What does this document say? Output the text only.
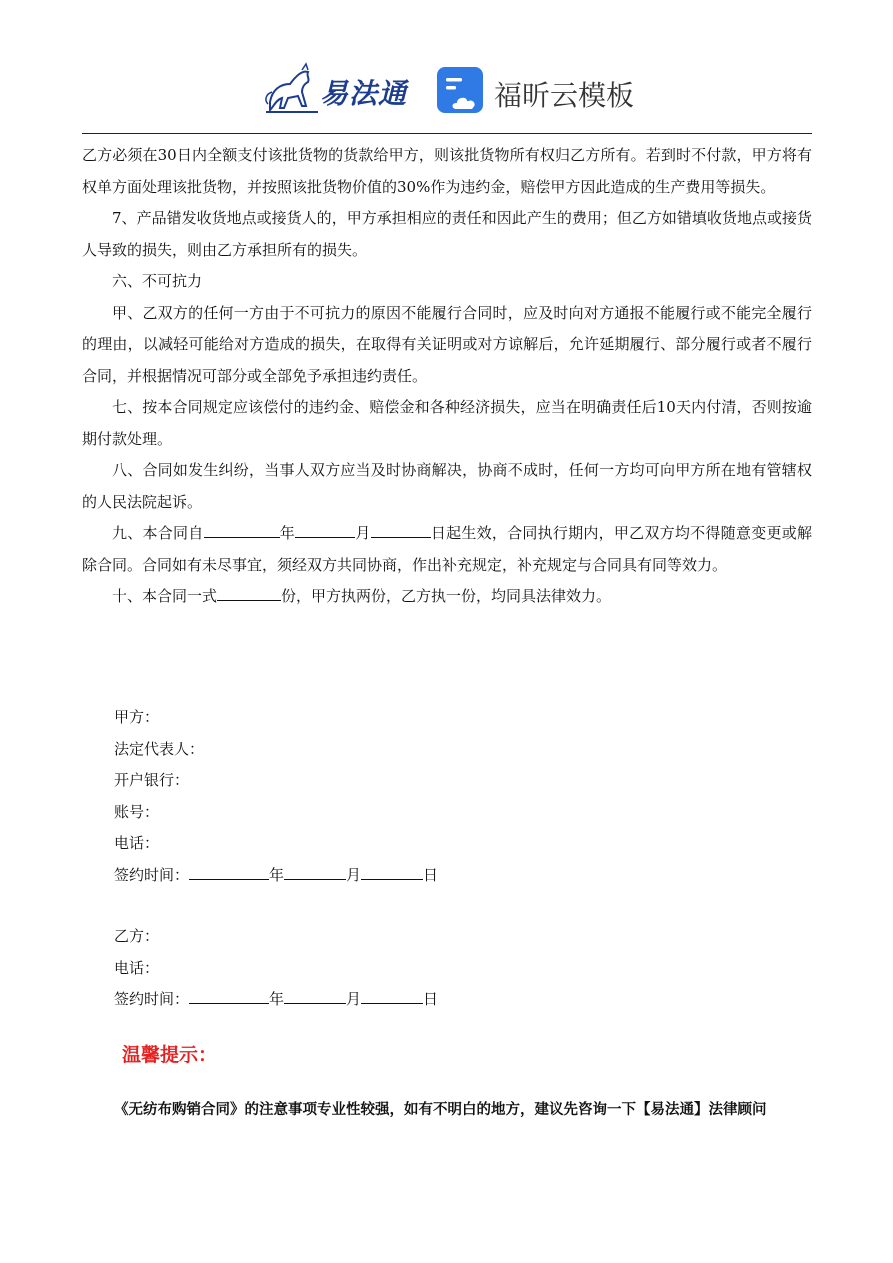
易法通	福昕云模板

乙方必须在30日内全额支付该批货物的货款给甲方，则该批货物所有权归乙方所有。若到时不付款，甲方将有权单方面处理该批货物，并按照该批货物价值的30%作为违约金，赔偿甲方因此造成的生产费用等损失。

7、产品错发收货地点或接货人的，甲方承担相应的责任和因此产生的费用；但乙方如错填收货地点或接货人导致的损失，则由乙方承担所有的损失。

六、不可抗力

甲、乙双方的任何一方由于不可抗力的原因不能履行合同时，应及时向对方通报不能履行或不能完全履行的理由，以减轻可能给对方造成的损失，在取得有关证明或对方谅解后，允许延期履行、部分履行或者不履行合同，并根据情况可部分或全部免予承担违约责任。

七、按本合同规定应该偿付的违约金、赔偿金和各种经济损失，应当在明确责任后10天内付清，否则按逾期付款处理。

八、合同如发生纠纷，当事人双方应当及时协商解决，协商不成时，任何一方均可向甲方所在地有管辖权的人民法院起诉。

九、本合同自	年	月	日起生效，合同执行期内，甲乙双方均不得随意变更或解除合同。合同如有未尽事宜，须经双方共同协商，作出补充规定，补充规定与合同具有同等效力。

十、本合同一式	份，甲方执两份，乙方执一份，均同具法律效力。

甲方：
法定代表人：
开户银行：
账号：
电话：
签约时间：	年	月	日
乙方：
电话：
签约时间：	年	月	日
温馨提示：
《无纺布购销合同》的注意事项专业性较强，如有不明白的地方，建议先咨询一下【易法通】法律顾问
